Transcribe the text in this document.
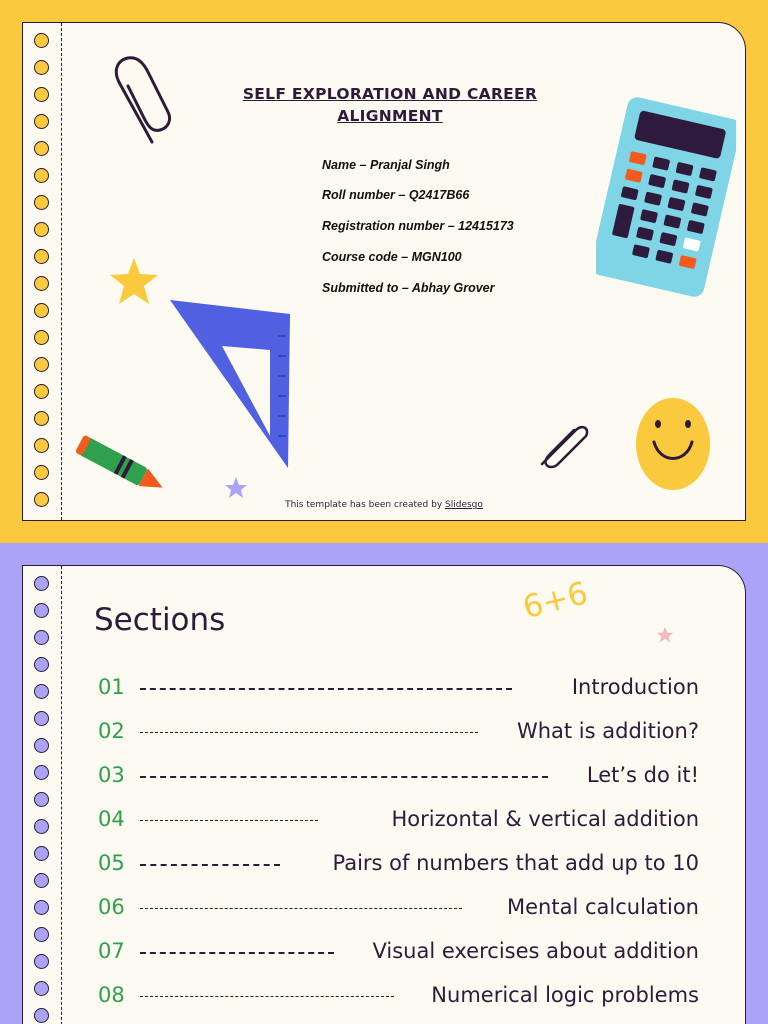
SELF EXPLORATION AND CAREER ALIGNMENT
Name – Pranjal Singh
Roll number – Q2417B66
Registration number – 12415173
Course code – MGN100
Submitted to – Abhay Grover
This template has been created by Slidesgo
Sections	6+6
01	Introduction
02	What is addition?
03	Let’s do it!
04	Horizontal & vertical addition
05	Pairs of numbers that add up to 10
06	Mental calculation
07	Visual exercises about addition
08	Numerical logic problems
